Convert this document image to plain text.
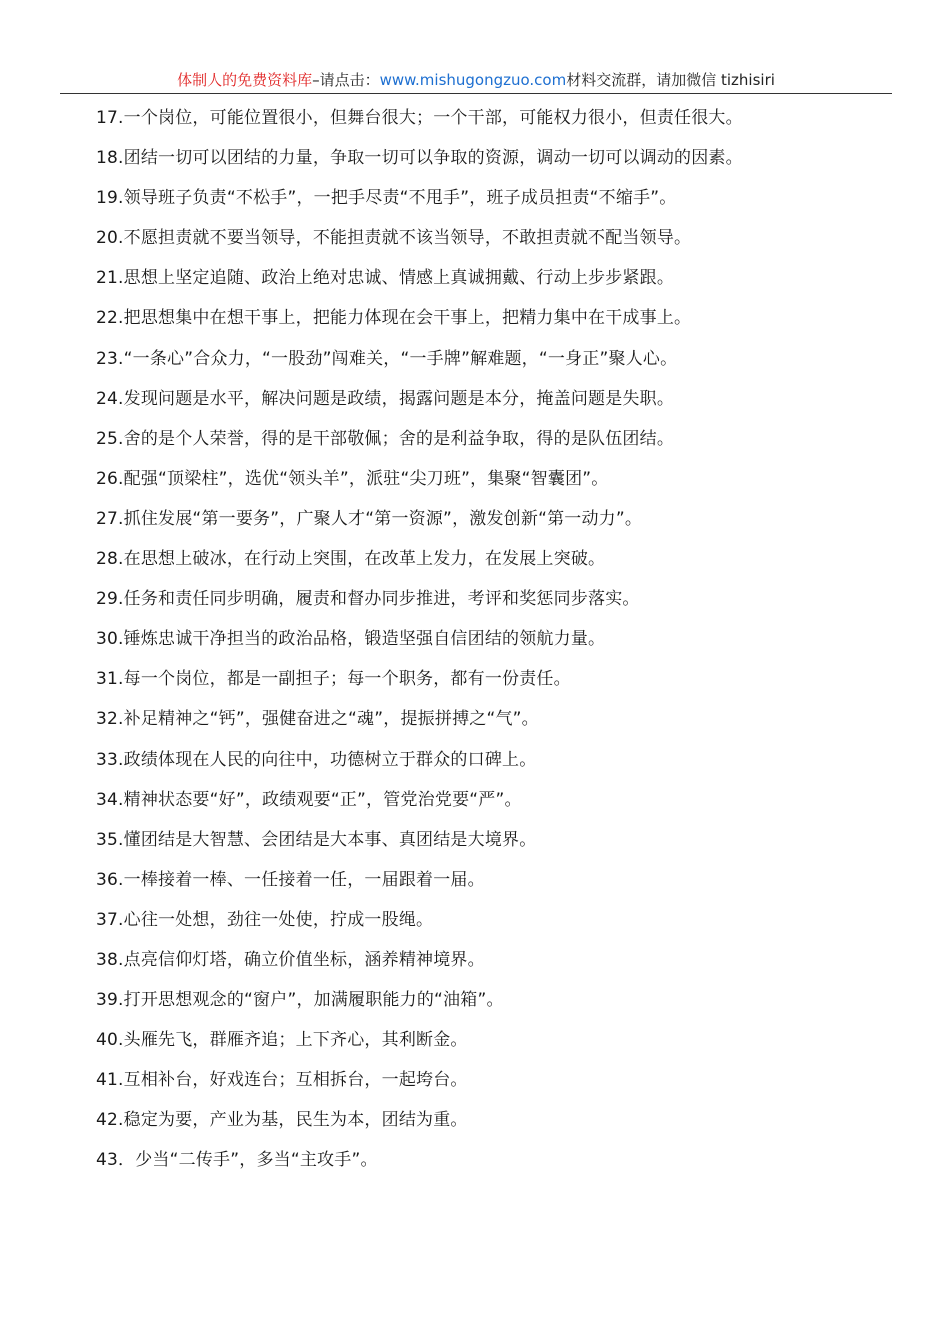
体制人的免费资料库–请点击：www.mishugongzuo.com材料交流群，请加微信 tizhisiri
17.一个岗位，可能位置很小，但舞台很大；一个干部，可能权力很小，但责任很大。
18.团结一切可以团结的力量，争取一切可以争取的资源，调动一切可以调动的因素。
19.领导班子负责“不松手”，一把手尽责“不甩手”，班子成员担责“不缩手”。
20.不愿担责就不要当领导，不能担责就不该当领导，不敢担责就不配当领导。
21.思想上坚定追随、政治上绝对忠诚、情感上真诚拥戴、行动上步步紧跟。
22.把思想集中在想干事上，把能力体现在会干事上，把精力集中在干成事上。
23.“一条心”合众力，“一股劲”闯难关，“一手牌”解难题，“一身正”聚人心。
24.发现问题是水平，解决问题是政绩，揭露问题是本分，掩盖问题是失职。
25.舍的是个人荣誉，得的是干部敬佩；舍的是利益争取，得的是队伍团结。
26.配强“顶梁柱”，选优“领头羊”，派驻“尖刀班”，集聚“智囊团”。
27.抓住发展“第一要务”，广聚人才“第一资源”，激发创新“第一动力”。
28.在思想上破冰，在行动上突围，在改革上发力，在发展上突破。
29.任务和责任同步明确，履责和督办同步推进，考评和奖惩同步落实。
30.锤炼忠诚干净担当的政治品格，锻造坚强自信团结的领航力量。
31.每一个岗位，都是一副担子；每一个职务，都有一份责任。
32.补足精神之“钙”，强健奋进之“魂”，提振拼搏之“气”。
33.政绩体现在人民的向往中，功德树立于群众的口碑上。
34.精神状态要“好”，政绩观要“正”，管党治党要“严”。
35.懂团结是大智慧、会团结是大本事、真团结是大境界。
36.一棒接着一棒、一任接着一任，一届跟着一届。
37.心往一处想，劲往一处使，拧成一股绳。
38.点亮信仰灯塔，确立价值坐标，涵养精神境界。
39.打开思想观念的“窗户”，加满履职能力的“油箱”。
40.头雁先飞，群雁齐追；上下齐心，其利断金。
41.互相补台，好戏连台；互相拆台，一起垮台。
42.稳定为要，产业为基，民生为本，团结为重。
43．少当“二传手”，多当“主攻手”。
